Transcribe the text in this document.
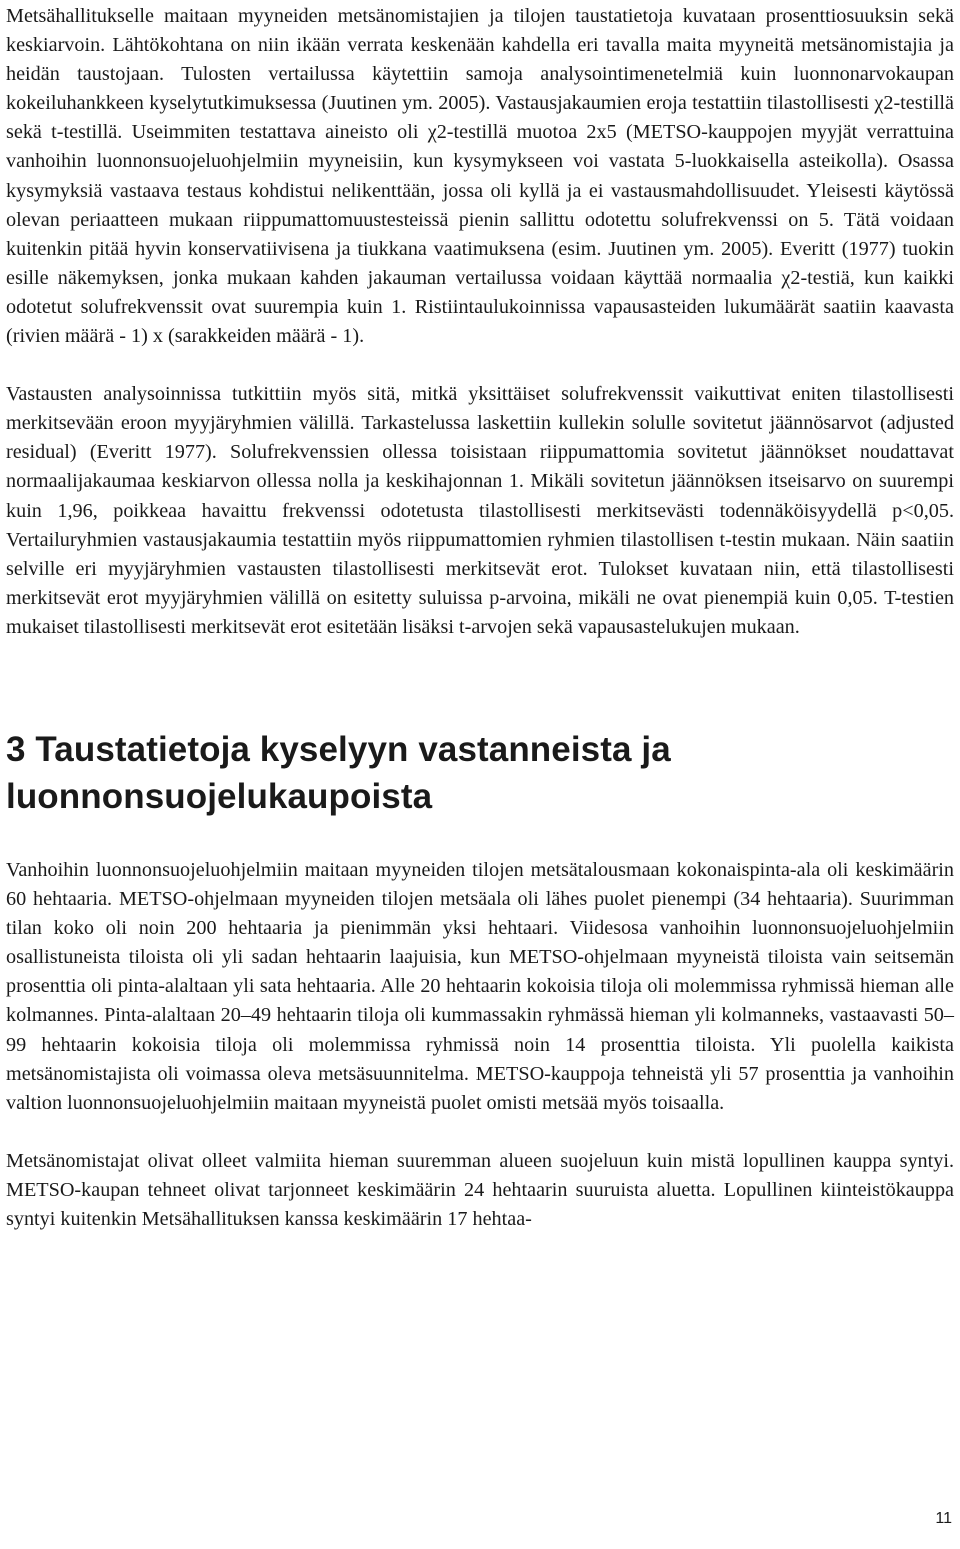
Metsähallitukselle maitaan myyneiden metsänomistajien ja tilojen taustatietoja kuvataan prosenttiosuuksin sekä keskiarvoin. Lähtökohtana on niin ikään verrata keskenään kahdella eri tavalla maita myyneitä metsänomistajia ja heidän taustojaan. Tulosten vertailussa käytettiin samoja analysointimenetelmiä kuin luonnonarvokaupan kokeiluhankkeen kyselytutkimuksessa (Juutinen ym. 2005). Vastausjakaumien eroja testattiin tilastollisesti χ2-testillä sekä t-testillä. Useimmiten testattava aineisto oli χ2-testillä muotoa 2x5 (METSO-kauppojen myyjät verrattuina vanhoihin luonnonsuojeluohjelmiin myyneisiin, kun kysymykseen voi vastata 5-luokkaisella asteikolla). Osassa kysymyksiä vastaava testaus kohdistui nelikenttään, jossa oli kyllä ja ei vastausmahdollisuudet. Yleisesti käytössä olevan periaatteen mukaan riippumattomuustesteissä pienin sallittu odotettu solufrekvenssi on 5. Tätä voidaan kuitenkin pitää hyvin konservatiivisena ja tiukkana vaatimuksena (esim. Juutinen ym. 2005). Everitt (1977) tuokin esille näkemyksen, jonka mukaan kahden jakauman vertailussa voidaan käyttää normaalia χ2-testiä, kun kaikki odotetut solufrekvenssit ovat suurempia kuin 1. Ristiintaulukoinnissa vapausasteiden lukumäärät saatiin kaavasta (rivien määrä - 1) x (sarakkeiden määrä - 1).

Vastausten analysoinnissa tutkittiin myös sitä, mitkä yksittäiset solufrekvenssit vaikuttivat eniten tilastollisesti merkitsevään eroon myyjäryhmien välillä. Tarkastelussa laskettiin kullekin solulle sovitetut jäännösarvot (adjusted residual) (Everitt 1977). Solufrekvenssien ollessa toisistaan riippumattomia sovitetut jäännökset noudattavat normaalijakaumaa keskiarvon ollessa nolla ja keskihajonnan 1. Mikäli sovitetun jäännöksen itseisarvo on suurempi kuin 1,96, poikkeaa havaittu frekvenssi odotetusta tilastollisesti merkitsevästi todennäköisyydellä p<0,05. Vertailuryhmien vastausjakaumia testattiin myös riippumattomien ryhmien tilastollisen t-testin mukaan. Näin saatiin selville eri myyjäryhmien vastausten tilastollisesti merkitsevät erot. Tulokset kuvataan niin, että tilastollisesti merkitsevät erot myyjäryhmien välillä on esitetty suluissa p-arvoina, mikäli ne ovat pienempiä kuin 0,05. T-testien mukaiset tilastollisesti merkitsevät erot esitetään lisäksi t-arvojen sekä vapausastelukujen mukaan.

3 Taustatietoja kyselyyn vastanneista ja luonnonsuojelukaupoista

Vanhoihin luonnonsuojeluohjelmiin maitaan myyneiden tilojen metsätalousmaan kokonaispinta-ala oli keskimäärin 60 hehtaaria. METSO-ohjelmaan myyneiden tilojen metsäala oli lähes puolet pienempi (34 hehtaaria). Suurimman tilan koko oli noin 200 hehtaaria ja pienimmän yksi hehtaari. Viidesosa vanhoihin luonnonsuojeluohjelmiin osallistuneista tiloista oli yli sadan hehtaarin laajuisia, kun METSO-ohjelmaan myyneistä tiloista vain seitsemän prosenttia oli pinta-alaltaan yli sata hehtaaria. Alle 20 hehtaarin kokoisia tiloja oli molemmissa ryhmissä hieman alle kolmannes. Pinta-alaltaan 20–49 hehtaarin tiloja oli kummassakin ryhmässä hieman yli kolmanneks, vastaavasti 50–99 hehtaarin kokoisia tiloja oli molemmissa ryhmissä noin 14 prosenttia tiloista. Yli puolella kaikista metsänomistajista oli voimassa oleva metsäsuunnitelma. METSO-kauppoja tehneistä yli 57 prosenttia ja vanhoihin valtion luonnonsuojeluohjelmiin maitaan myyneistä puolet omisti metsää myös toisaalla.

Metsänomistajat olivat olleet valmiita hieman suuremman alueen suojeluun kuin mistä lopullinen kauppa syntyi. METSO-kaupan tehneet olivat tarjonneet keskimäärin 24 hehtaarin suuruista aluetta. Lopullinen kiinteistökauppa syntyi kuitenkin Metsähallituksen kanssa keskimäärin 17 hehtaa-

11
